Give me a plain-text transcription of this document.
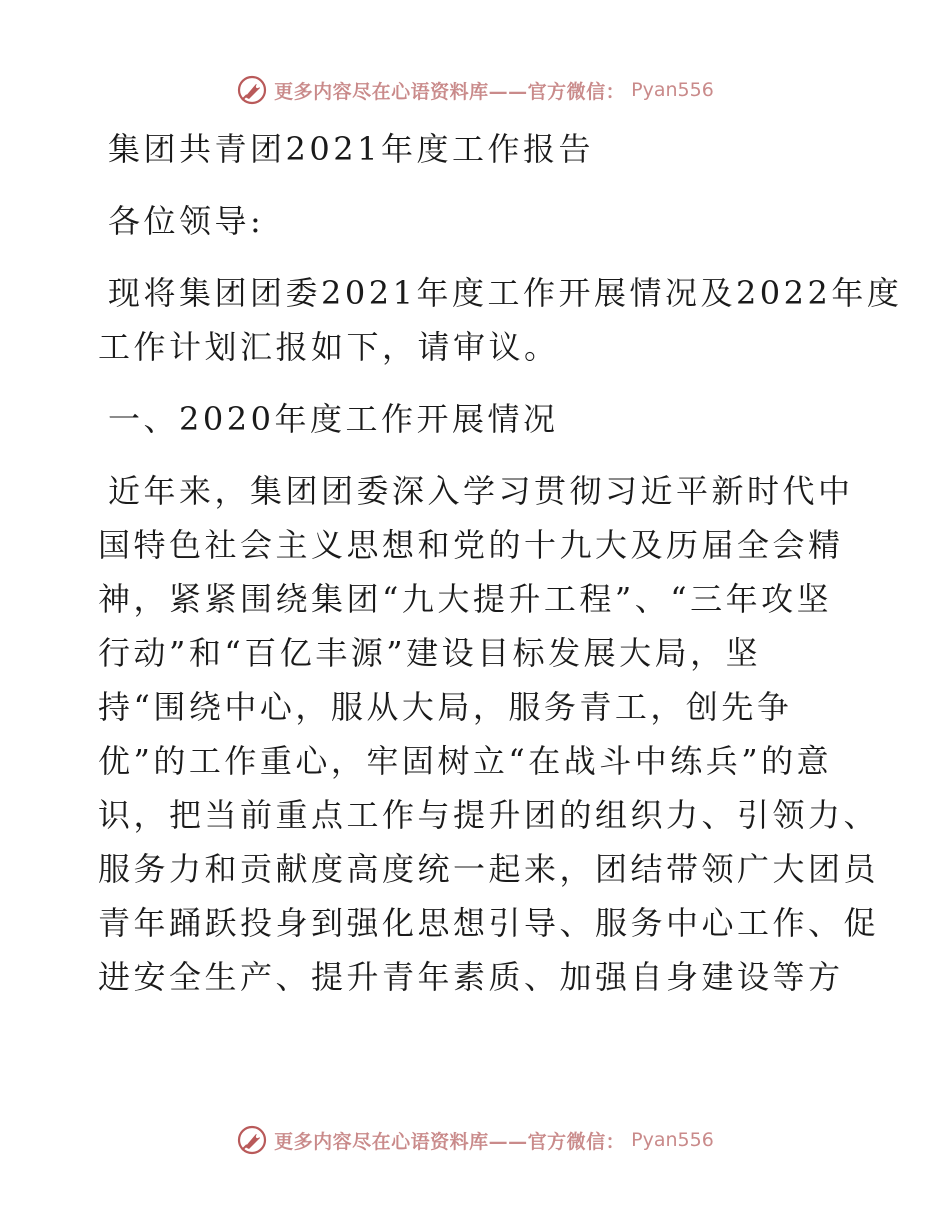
更多内容尽在心语资料库——官方微信： Pyan556

集团共青团2021年度工作报告

各位领导:

现将集团团委2021年度工作开展情况及2022年度
工作计划汇报如下，请审议。

一、2020年度工作开展情况

近年来，集团团委深入学习贯彻习近平新时代中
国特色社会主义思想和党的十九大及历届全会精
神，紧紧围绕集团“九大提升工程”、“三年攻坚
行动”和“百亿丰源”建设目标发展大局，坚
持“围绕中心，服从大局，服务青工，创先争
优”的工作重心，牢固树立“在战斗中练兵”的意
识，把当前重点工作与提升团的组织力、引领力、
服务力和贡献度高度统一起来，团结带领广大团员
青年踊跃投身到强化思想引导、服务中心工作、促
进安全生产、提升青年素质、加强自身建设等方

更多内容尽在心语资料库——官方微信： Pyan556
